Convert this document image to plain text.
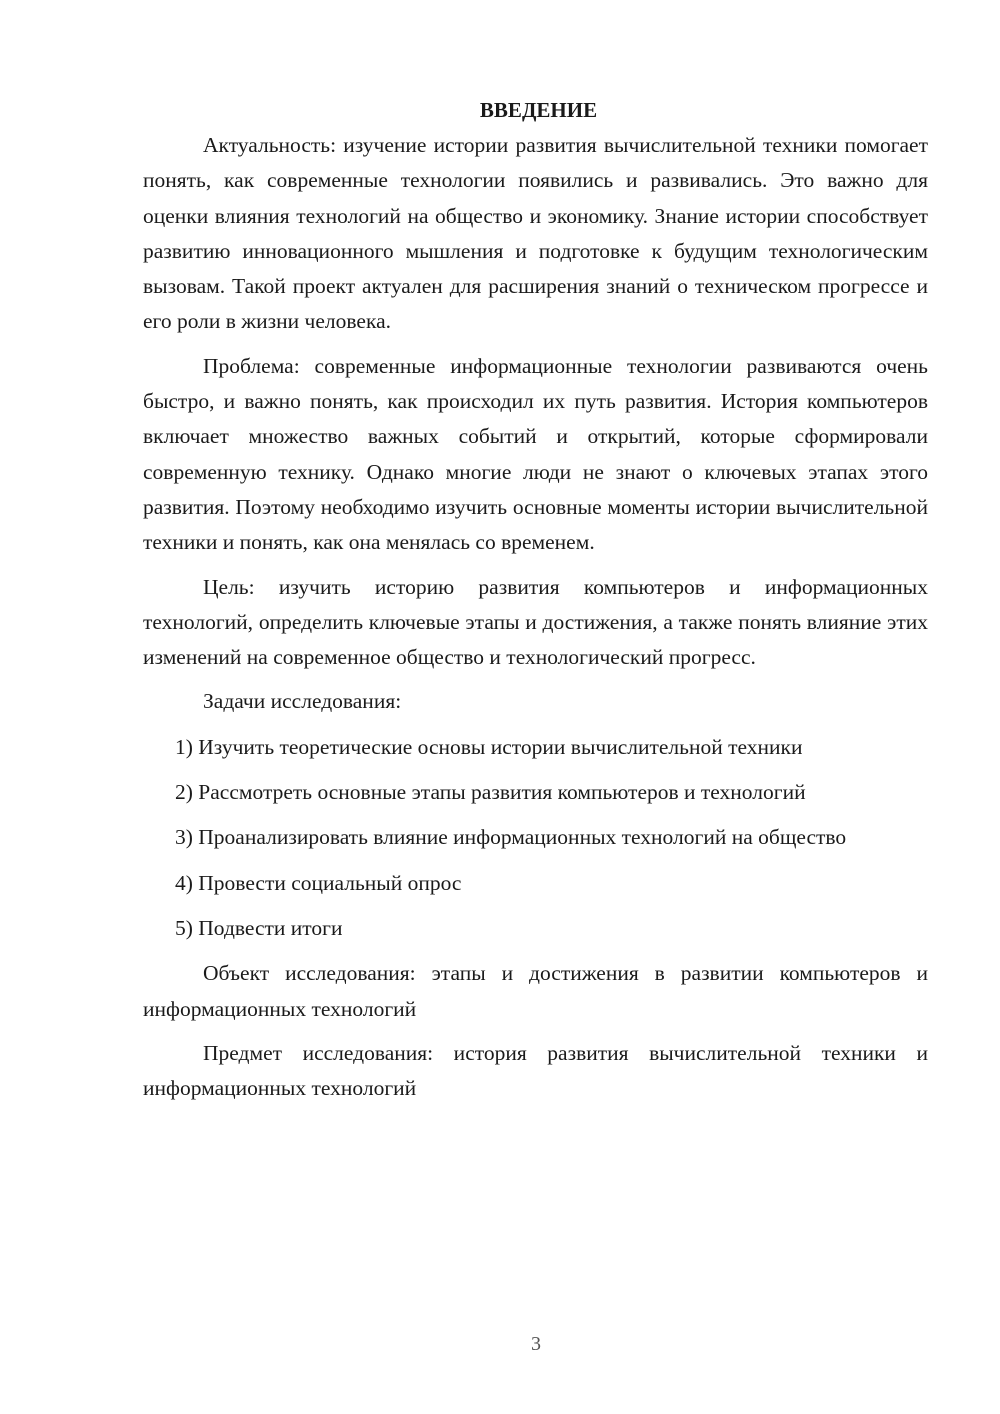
ВВЕДЕНИЕ

Актуальность: изучение истории развития вычислительной техники помогает понять, как современные технологии появились и развивались. Это важно для оценки влияния технологий на общество и экономику. Знание истории способствует развитию инновационного мышления и подготовке к будущим технологическим вызовам. Такой проект актуален для расширения знаний о техническом прогрессе и его роли в жизни человека.

Проблема: современные информационные технологии развиваются очень быстро, и важно понять, как происходил их путь развития. История компьютеров включает множество важных событий и открытий, которые сформировали современную технику. Однако многие люди не знают о ключевых этапах этого развития. Поэтому необходимо изучить основные моменты истории вычислительной техники и понять, как она менялась со временем.

Цель: изучить историю развития компьютеров и информационных технологий, определить ключевые этапы и достижения, а также понять влияние этих изменений на современное общество и технологический прогресс.

Задачи исследования:

1) Изучить теоретические основы истории вычислительной техники

2) Рассмотреть основные этапы развития компьютеров и технологий

3) Проанализировать влияние информационных технологий на общество

4) Провести социальный опрос

5) Подвести итоги

Объект исследования: этапы и достижения в развитии компьютеров и информационных технологий

Предмет исследования: история развития вычислительной техники и информационных технологий

3
